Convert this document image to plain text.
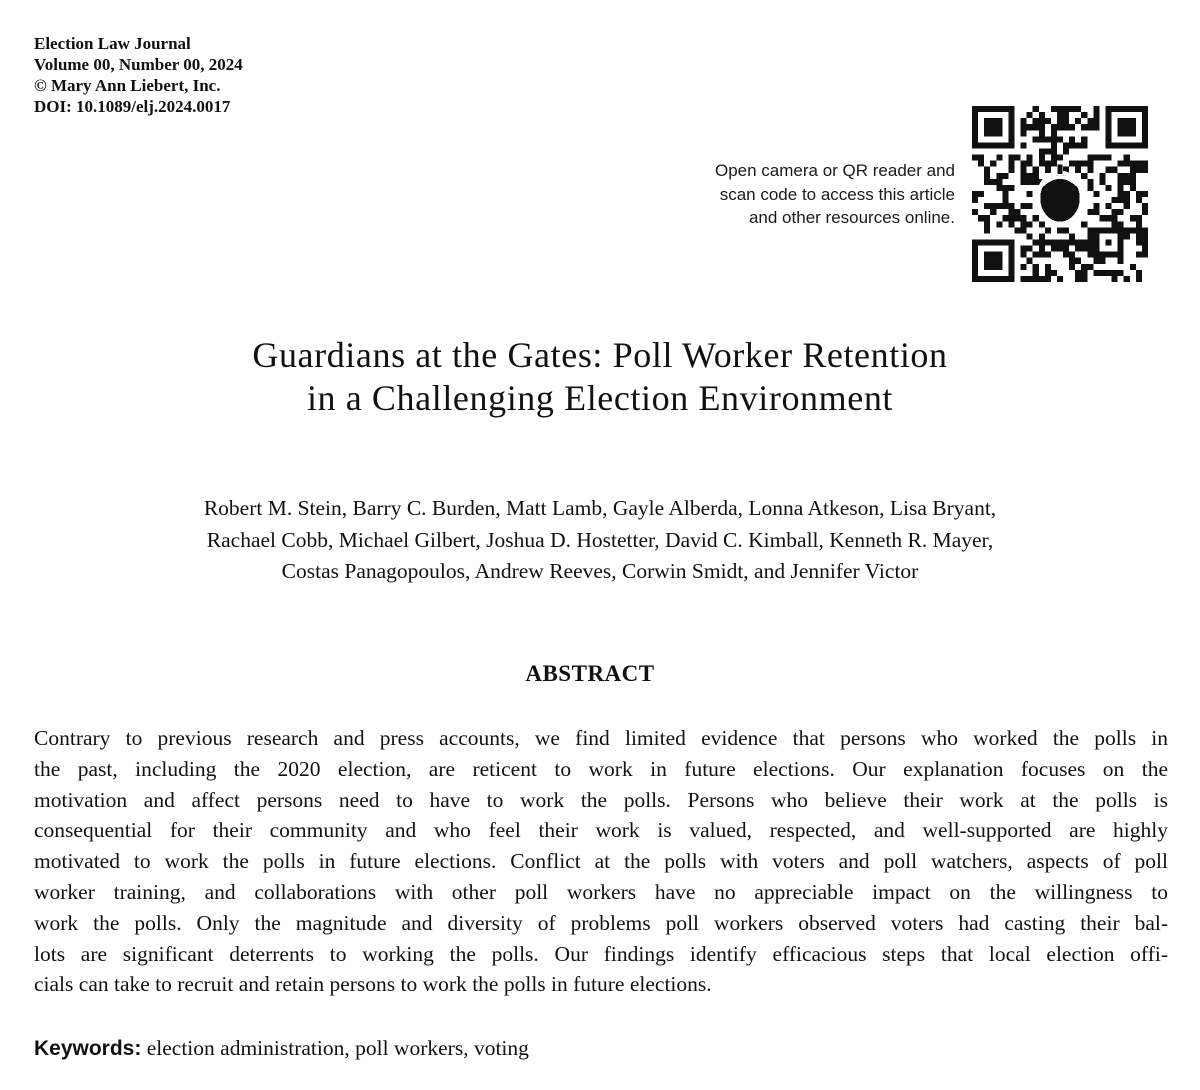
Election Law Journal
Volume 00, Number 00, 2024
© Mary Ann Liebert, Inc.
DOI: 10.1089/elj.2024.0017
Open camera or QR reader and
scan code to access this article
and other resources online.
Guardians at the Gates: Poll Worker Retention
in a Challenging Election Environment
Robert M. Stein, Barry C. Burden, Matt Lamb, Gayle Alberda, Lonna Atkeson, Lisa Bryant,
Rachael Cobb, Michael Gilbert, Joshua D. Hostetter, David C. Kimball, Kenneth R. Mayer,
Costas Panagopoulos, Andrew Reeves, Corwin Smidt, and Jennifer Victor
ABSTRACT
Contrary to previous research and press accounts, we find limited evidence that persons who worked the polls in
the past, including the 2020 election, are reticent to work in future elections. Our explanation focuses on the
motivation and affect persons need to have to work the polls. Persons who believe their work at the polls is
consequential for their community and who feel their work is valued, respected, and well-supported are highly
motivated to work the polls in future elections. Conflict at the polls with voters and poll watchers, aspects of poll
worker training, and collaborations with other poll workers have no appreciable impact on the willingness to
work the polls. Only the magnitude and diversity of problems poll workers observed voters had casting their bal-
lots are significant deterrents to working the polls. Our findings identify efficacious steps that local election offi-
cials can take to recruit and retain persons to work the polls in future elections.
Keywords: election administration, poll workers, voting
